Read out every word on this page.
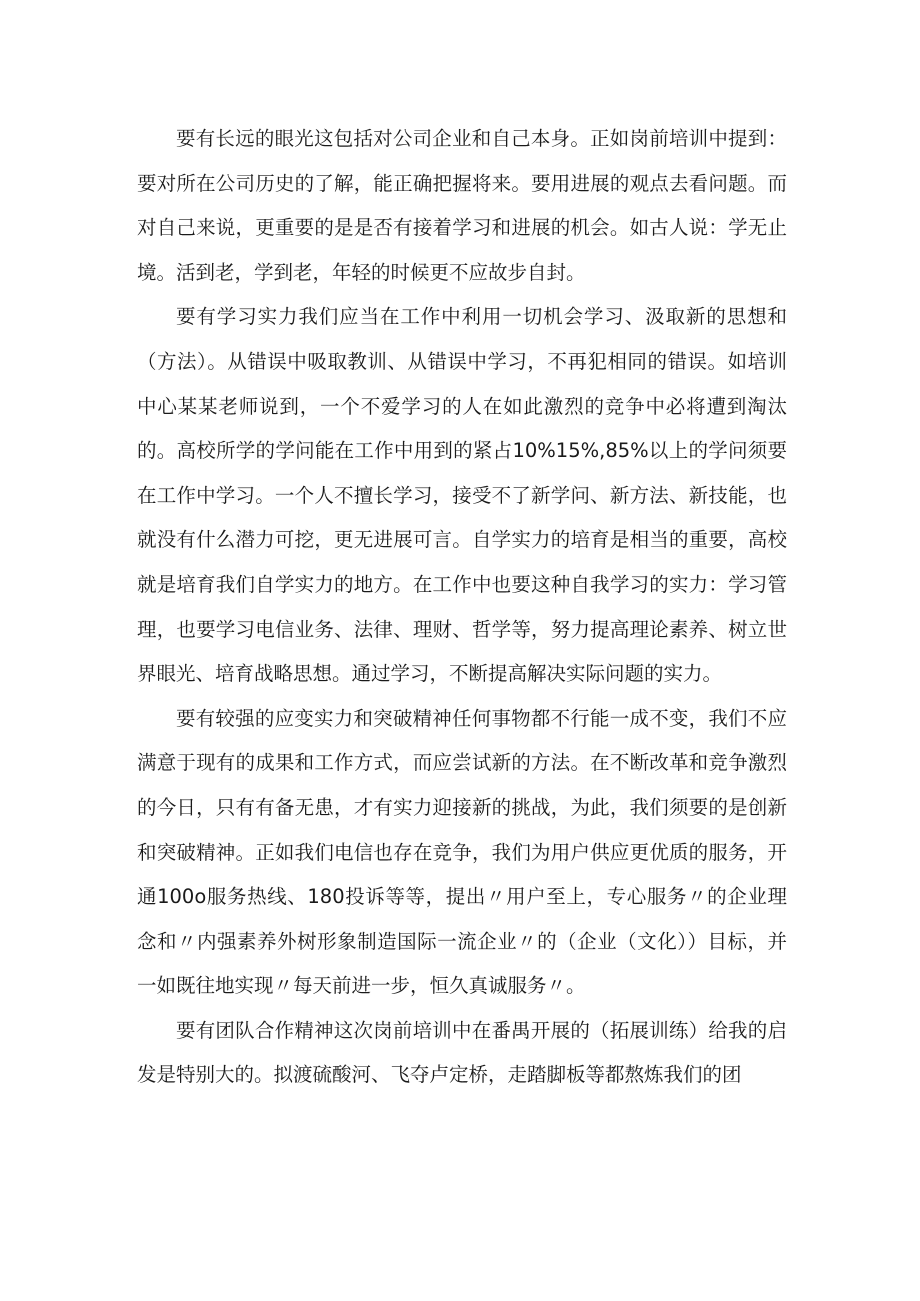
要有长远的眼光这包括对公司企业和自己本身。正如岗前培训中提到：要对所在公司历史的了解，能正确把握将来。要用进展的观点去看问题。而对自己来说，更重要的是是否有接着学习和进展的机会。如古人说：学无止境。活到老，学到老，年轻的时候更不应故步自封。

要有学习实力我们应当在工作中利用一切机会学习、汲取新的思想和（方法）。从错误中吸取教训、从错误中学习，不再犯相同的错误。如培训中心某某老师说到，一个不爱学习的人在如此激烈的竞争中必将遭到淘汰的。高校所学的学问能在工作中用到的紧占10%15%,85%以上的学问须要在工作中学习。一个人不擅长学习，接受不了新学问、新方法、新技能，也就没有什么潜力可挖，更无进展可言。自学实力的培育是相当的重要，高校就是培育我们自学实力的地方。在工作中也要这种自我学习的实力：学习管理，也要学习电信业务、法律、理财、哲学等，努力提高理论素养、树立世界眼光、培育战略思想。通过学习，不断提高解决实际问题的实力。

要有较强的应变实力和突破精神任何事物都不行能一成不变，我们不应满意于现有的成果和工作方式，而应尝试新的方法。在不断改革和竞争激烈的今日，只有有备无患，才有实力迎接新的挑战，为此，我们须要的是创新和突破精神。正如我们电信也存在竞争，我们为用户供应更优质的服务，开通100o服务热线、180投诉等等，提出〃用户至上，专心服务〃的企业理念和〃内强素养外树形象制造国际一流企业〃的（企业（文化））目标，并一如既往地实现〃每天前进一步，恒久真诚服务〃。

要有团队合作精神这次岗前培训中在番禺开展的（拓展训练）给我的启发是特别大的。拟渡硫酸河、飞夺卢定桥，走踏脚板等都熬炼我们的团
